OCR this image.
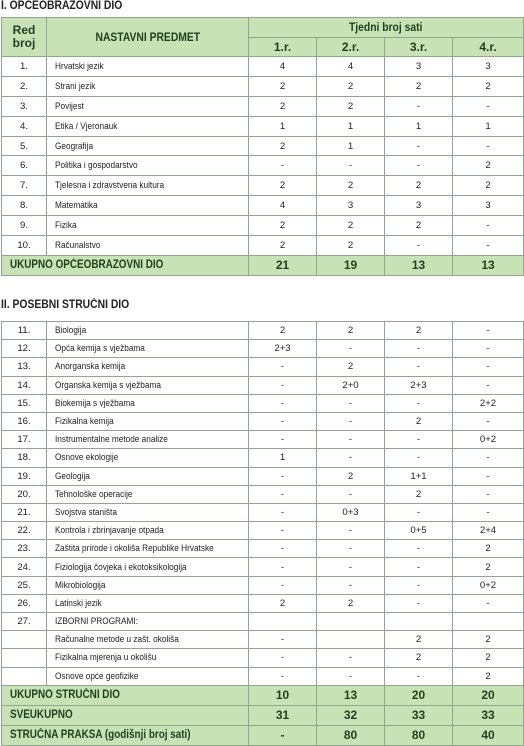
I. OPĆEOBRAZOVNI DIO
Red
broj	NASTAVNI PREDMET	Tjedni broj sati			
		1.r.	2.r.	3.r.	4.r.
1.	Hrvatski jezik	4	4	3	3
2.	Strani jezik	2	2	2	2
3.	Povijest	2	2	-	-
4.	Etika / Vjeronauk	1	1	1	1
5.	Geografija	2	1	-	-
6.	Politika i gospodarstvo	-	-	-	2
7.	Tjelesna i zdravstvena kultura	2	2	2	2
8.	Matematika	4	3	3	3
9.	Fizika	2	2	2	-
10.	Računalstvo	2	2	-	-
UKUPNO OPĆEOBRAZOVNI DIO		21	19	13	13
II. POSEBNI STRUČNI DIO
11.	Biologija	2	2	2	-
12.	Opća kemija s vježbama	2+3	-	-	-
13.	Anorganska kemija	-	2	-	-
14.	Organska kemija s vježbama	-	2+0	2+3	-
15.	Biokemija s vježbama	-	-	-	2+2
16.	Fizikalna kemija	-	-	2	-
17.	Instrumentalne metode analize	-	-	-	0+2
18.	Osnove ekologije	1	-	-	-
19.	Geologija	-	2	1+1	-
20.	Tehnološke operacije	-	-	2	-
21.	Svojstva staništa	-	0+3	-	-
22.	Kontrola i zbrinjavanje otpada	-	-	0+5	2+4
23.	Zaštita prirode i okoliša Republike Hrvatske	-	-	-	2
24.	Fiziologija čovjeka i ekotoksikologija	-	-	-	2
25.	Mikrobiologija	-	-	-	0+2
26.	Latinski jezik	2	2	-	-
27.	IZBORNI PROGRAMI:				
	Računalne metode u zašt. okoliša	-		2	2
	Fizikalna mjerenja u okolišu	-	-	2	2
	Osnove opće geofizike	-	-	-	2
UKUPNO STRUČNI DIO		10	13	20	20
SVEUKUPNO		31	32	33	33
STRUČNA PRAKSA (godišnji broj sati)		-	80	80	40
